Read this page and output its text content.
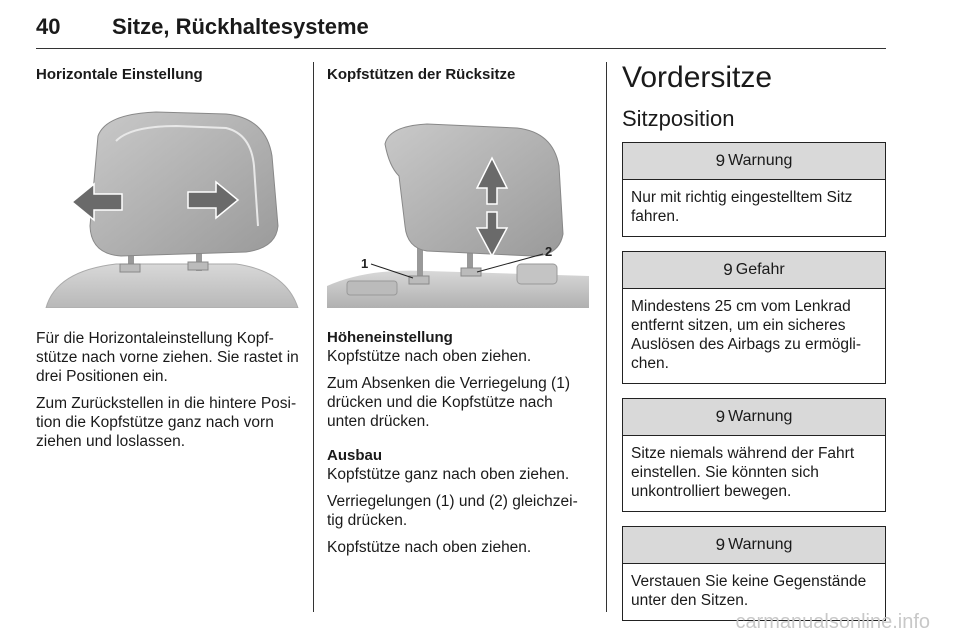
40 Sitze, Rückhaltesysteme

Horizontale Einstellung

Für die Horizontaleinstellung Kopf-stütze nach vorne ziehen. Sie rastet in drei Positionen ein.

Zum Zurückstellen in die hintere Posi-tion die Kopfstütze ganz nach vorn ziehen und loslassen.

Kopfstützen der Rücksitze

1
2

Höheneinstellung

Kopfstütze nach oben ziehen.

Zum Absenken die Verriegelung (1) drücken und die Kopfstütze nach unten drücken.

Ausbau

Kopfstütze ganz nach oben ziehen.

Verriegelungen (1) und (2) gleichzei-tig drücken.

Kopfstütze nach oben ziehen.

Vordersitze

Sitzposition

9 Warnung
Nur mit richtig eingestelltem Sitz fahren.
9 Gefahr
Mindestens 25 cm vom Lenkrad entfernt sitzen, um ein sicheres Auslösen des Airbags zu ermögli-chen.
9 Warnung
Sitze niemals während der Fahrt einstellen. Sie könnten sich unkontrolliert bewegen.
9 Warnung
Verstauen Sie keine Gegenstände unter den Sitzen.
carmanualsonline.info
